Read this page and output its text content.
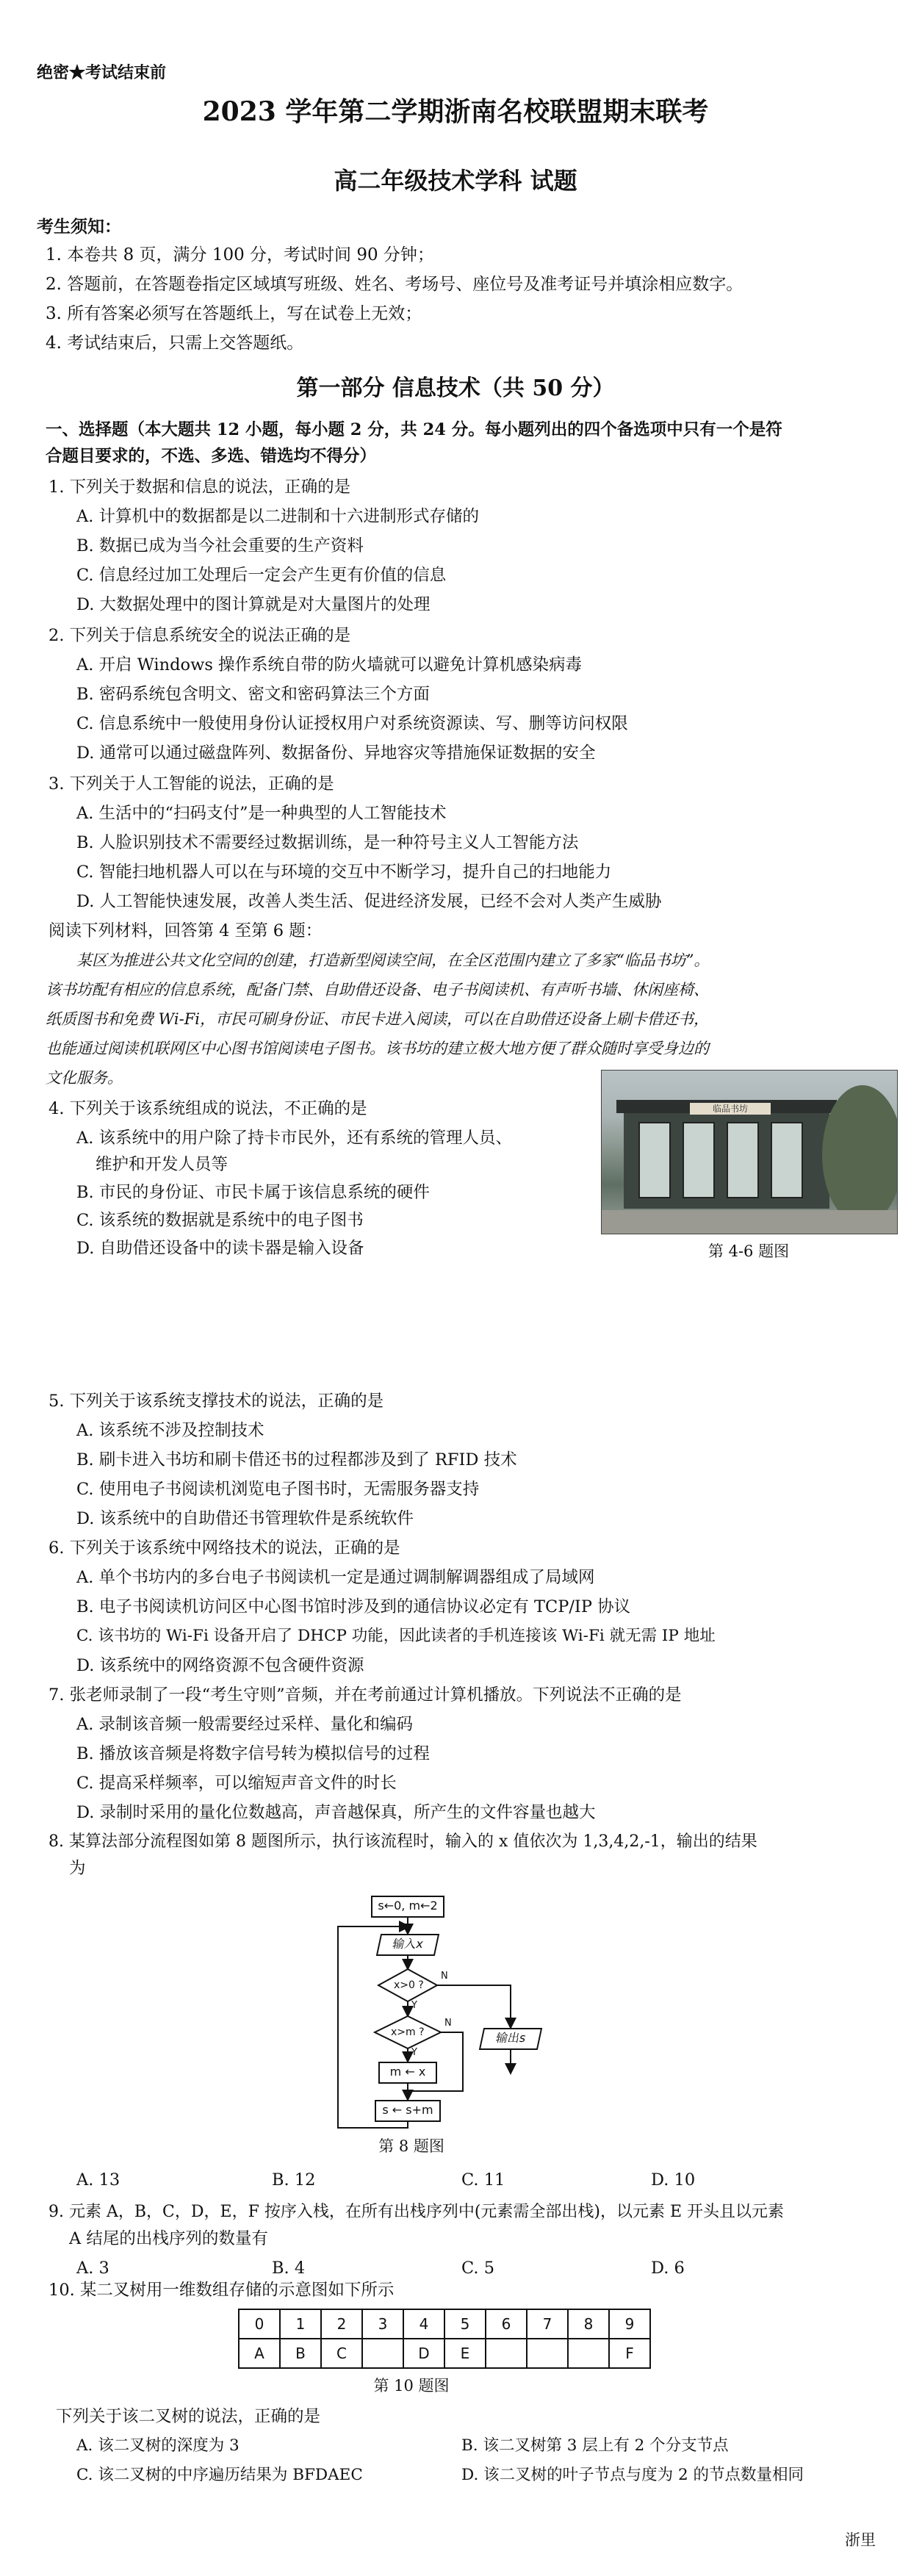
绝密★考试结束前
2023 学年第二学期浙南名校联盟期末联考
高二年级技术学科 试题
考生须知：
1. 本卷共 8 页，满分 100 分，考试时间 90 分钟；
2. 答题前，在答题卷指定区域填写班级、姓名、考场号、座位号及准考证号并填涂相应数字。
3. 所有答案必须写在答题纸上，写在试卷上无效；
4. 考试结束后，只需上交答题纸。
第一部分 信息技术（共 50 分）
一、选择题（本大题共 12 小题，每小题 2 分，共 24 分。每小题列出的四个备选项中只有一个是符
合题目要求的，不选、多选、错选均不得分）
1. 下列关于数据和信息的说法，正确的是
A. 计算机中的数据都是以二进制和十六进制形式存储的
B. 数据已成为当今社会重要的生产资料
C. 信息经过加工处理后一定会产生更有价值的信息
D. 大数据处理中的图计算就是对大量图片的处理
2. 下列关于信息系统安全的说法正确的是
A. 开启 Windows 操作系统自带的防火墙就可以避免计算机感染病毒
B. 密码系统包含明文、密文和密码算法三个方面
C. 信息系统中一般使用身份认证授权用户对系统资源读、写、删等访问权限
D. 通常可以通过磁盘阵列、数据备份、异地容灾等措施保证数据的安全
3. 下列关于人工智能的说法，正确的是
A. 生活中的“扫码支付”是一种典型的人工智能技术
B. 人脸识别技术不需要经过数据训练，是一种符号主义人工智能方法
C. 智能扫地机器人可以在与环境的交互中不断学习，提升自己的扫地能力
D. 人工智能快速发展，改善人类生活、促进经济发展，已经不会对人类产生威胁
阅读下列材料，回答第 4 至第 6 题：
某区为推进公共文化空间的创建，打造新型阅读空间，在全区范围内建立了多家“临品书坊”。
该书坊配有相应的信息系统，配备门禁、自助借还设备、电子书阅读机、有声听书墙、休闲座椅、
纸质图书和免费 Wi-Fi，市民可刷身份证、市民卡进入阅读，可以在自助借还设备上刷卡借还书，
也能通过阅读机联网区中心图书馆阅读电子图书。该书坊的建立极大地方便了群众随时享受身边的
文化服务。
临品书坊
第 4-6 题图
4. 下列关于该系统组成的说法，不正确的是
A. 该系统中的用户除了持卡市民外，还有系统的管理人员、
维护和开发人员等
B. 市民的身份证、市民卡属于该信息系统的硬件
C. 该系统的数据就是系统中的电子图书
D. 自助借还设备中的读卡器是输入设备
5. 下列关于该系统支撑技术的说法，正确的是
A. 该系统不涉及控制技术
B. 刷卡进入书坊和刷卡借还书的过程都涉及到了 RFID 技术
C. 使用电子书阅读机浏览电子图书时，无需服务器支持
D. 该系统中的自助借还书管理软件是系统软件
6. 下列关于该系统中网络技术的说法，正确的是
A. 单个书坊内的多台电子书阅读机一定是通过调制解调器组成了局域网
B. 电子书阅读机访问区中心图书馆时涉及到的通信协议必定有 TCP/IP 协议
C. 该书坊的 Wi-Fi 设备开启了 DHCP 功能，因此读者的手机连接该 Wi-Fi 就无需 IP 地址
D. 该系统中的网络资源不包含硬件资源
7. 张老师录制了一段“考生守则”音频，并在考前通过计算机播放。下列说法不正确的是
A. 录制该音频一般需要经过采样、量化和编码
B. 播放该音频是将数字信号转为模拟信号的过程
C. 提高采样频率，可以缩短声音文件的时长
D. 录制时采用的量化位数越高，声音越保真，所产生的文件容量也越大
8. 某算法部分流程图如第 8 题图所示，执行该流程时，输入的 x 值依次为 1,3,4,2,-1，输出的结果
为
s←0, m←2
输入x
x>0 ?
x>m ?
m ← x
s ← s+m
输出s
Y
Y
N
N
第 8 题图
A. 13	B. 12	C. 11	D. 10
9. 元素 A，B，C，D，E，F 按序入栈，在所有出栈序列中(元素需全部出栈)，以元素 E 开头且以元素
A 结尾的出栈序列的数量有
A. 3	B. 4	C. 5	D. 6
10. 某二叉树用一维数组存储的示意图如下所示
0	1	2	3	4	5	6	7	8	9
A	B	C		D	E				F
第 10 题图
下列关于该二叉树的说法，正确的是
A. 该二叉树的深度为 3	B. 该二叉树第 3 层上有 2 个分支节点
C. 该二叉树的中序遍历结果为 BFDAEC	D. 该二叉树的叶子节点与度为 2 的节点数量相同
浙里
